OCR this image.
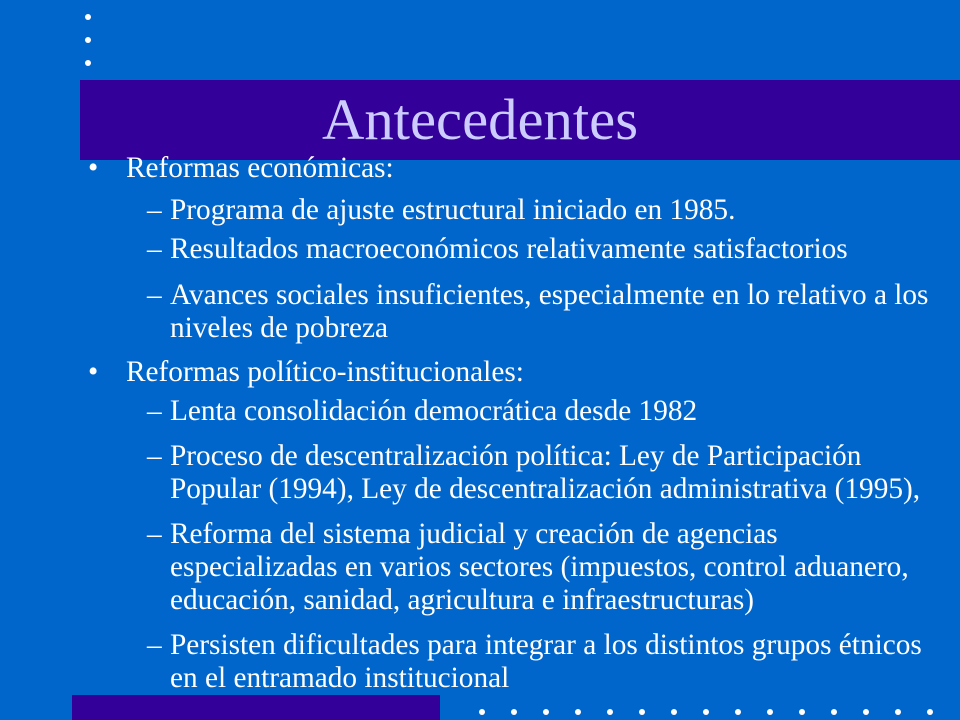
Antecedentes
• Reformas económicas:
– Programa de ajuste estructural iniciado en 1985.
– Resultados macroeconómicos relativamente satisfactorios
– Avances sociales insuficientes, especialmente en lo relativo a los
niveles de pobreza
• Reformas político-institucionales:
– Lenta consolidación democrática desde 1982
– Proceso de descentralización política: Ley de Participación
Popular (1994), Ley de descentralización administrativa (1995),
– Reforma del sistema judicial y creación de agencias
especializadas en varios sectores (impuestos, control aduanero,
educación, sanidad, agricultura e infraestructuras)
– Persisten dificultades para integrar a los distintos grupos étnicos
en el entramado institucional
